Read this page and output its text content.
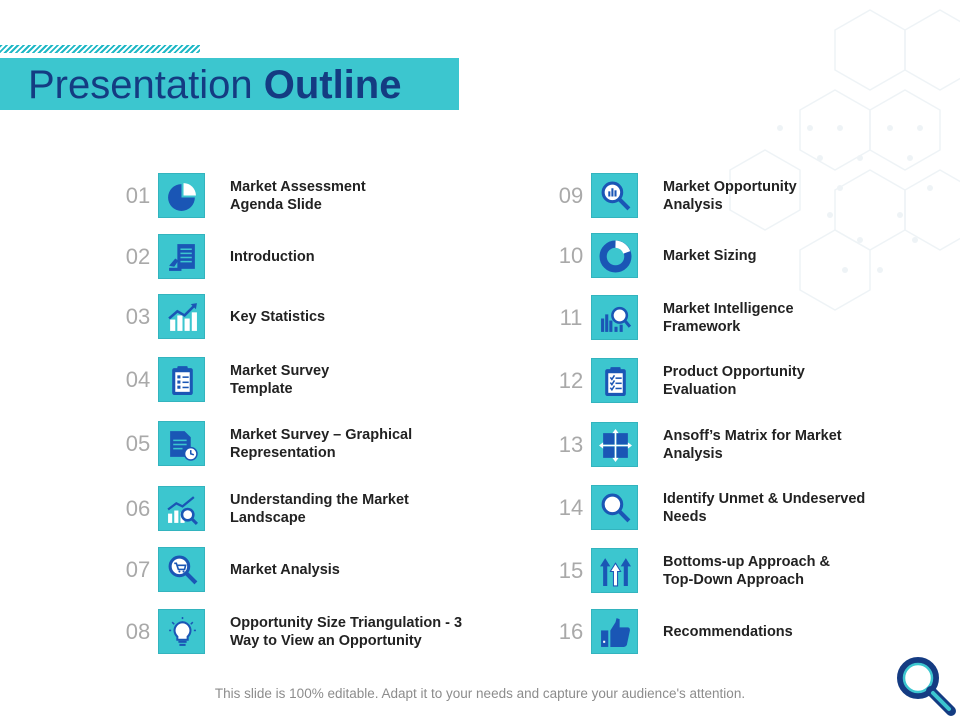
Presentation Outline
01	Market Assessment Agenda Slide
02	Introduction
03	Key Statistics
04	Market Survey Template
05	Market Survey – Graphical Representation
06	Understanding the Market Landscape
07	Market Analysis
08	Opportunity Size Triangulation - 3 Way to View an Opportunity
09	Market Opportunity Analysis
10	Market Sizing
11	Market Intelligence Framework
12	Product Opportunity Evaluation
13	Ansoff’s Matrix for Market Analysis
14	Identify Unmet & Undeserved Needs
15	Bottoms-up Approach & Top-Down Approach
16	Recommendations
This slide is 100% editable. Adapt it to your needs and capture your audience's attention.
